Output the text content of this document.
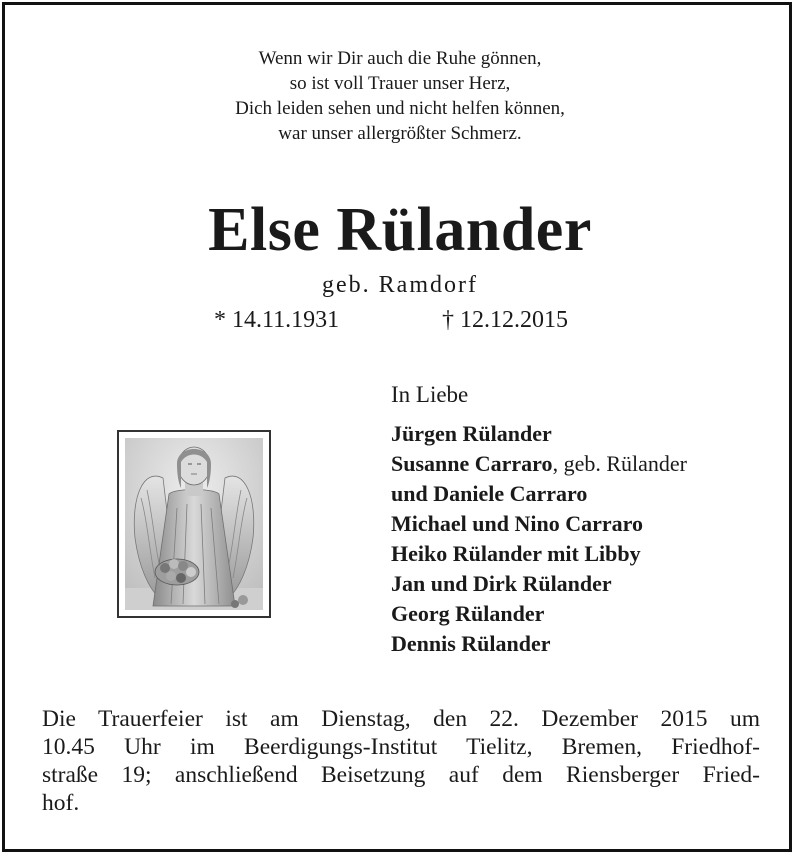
Wenn wir Dir auch die Ruhe gönnen,
so ist voll Trauer unser Herz,
Dich leiden sehen und nicht helfen können,
war unser allergrößter Schmerz.
Else Rülander
geb. Ramdorf
* 14.11.1931	† 12.12.2015
In Liebe
Jürgen Rülander
Susanne Carraro, geb. Rülander
und Daniele Carraro
Michael und Nino Carraro
Heiko Rülander mit Libby
Jan und Dirk Rülander
Georg Rülander
Dennis Rülander
Die Trauerfeier ist am Dienstag, den 22. Dezember 2015 um
10.45 Uhr im Beerdigungs-Institut Tielitz, Bremen, Friedhof-
straße 19; anschließend Beisetzung auf dem Riensberger Fried-
hof.
